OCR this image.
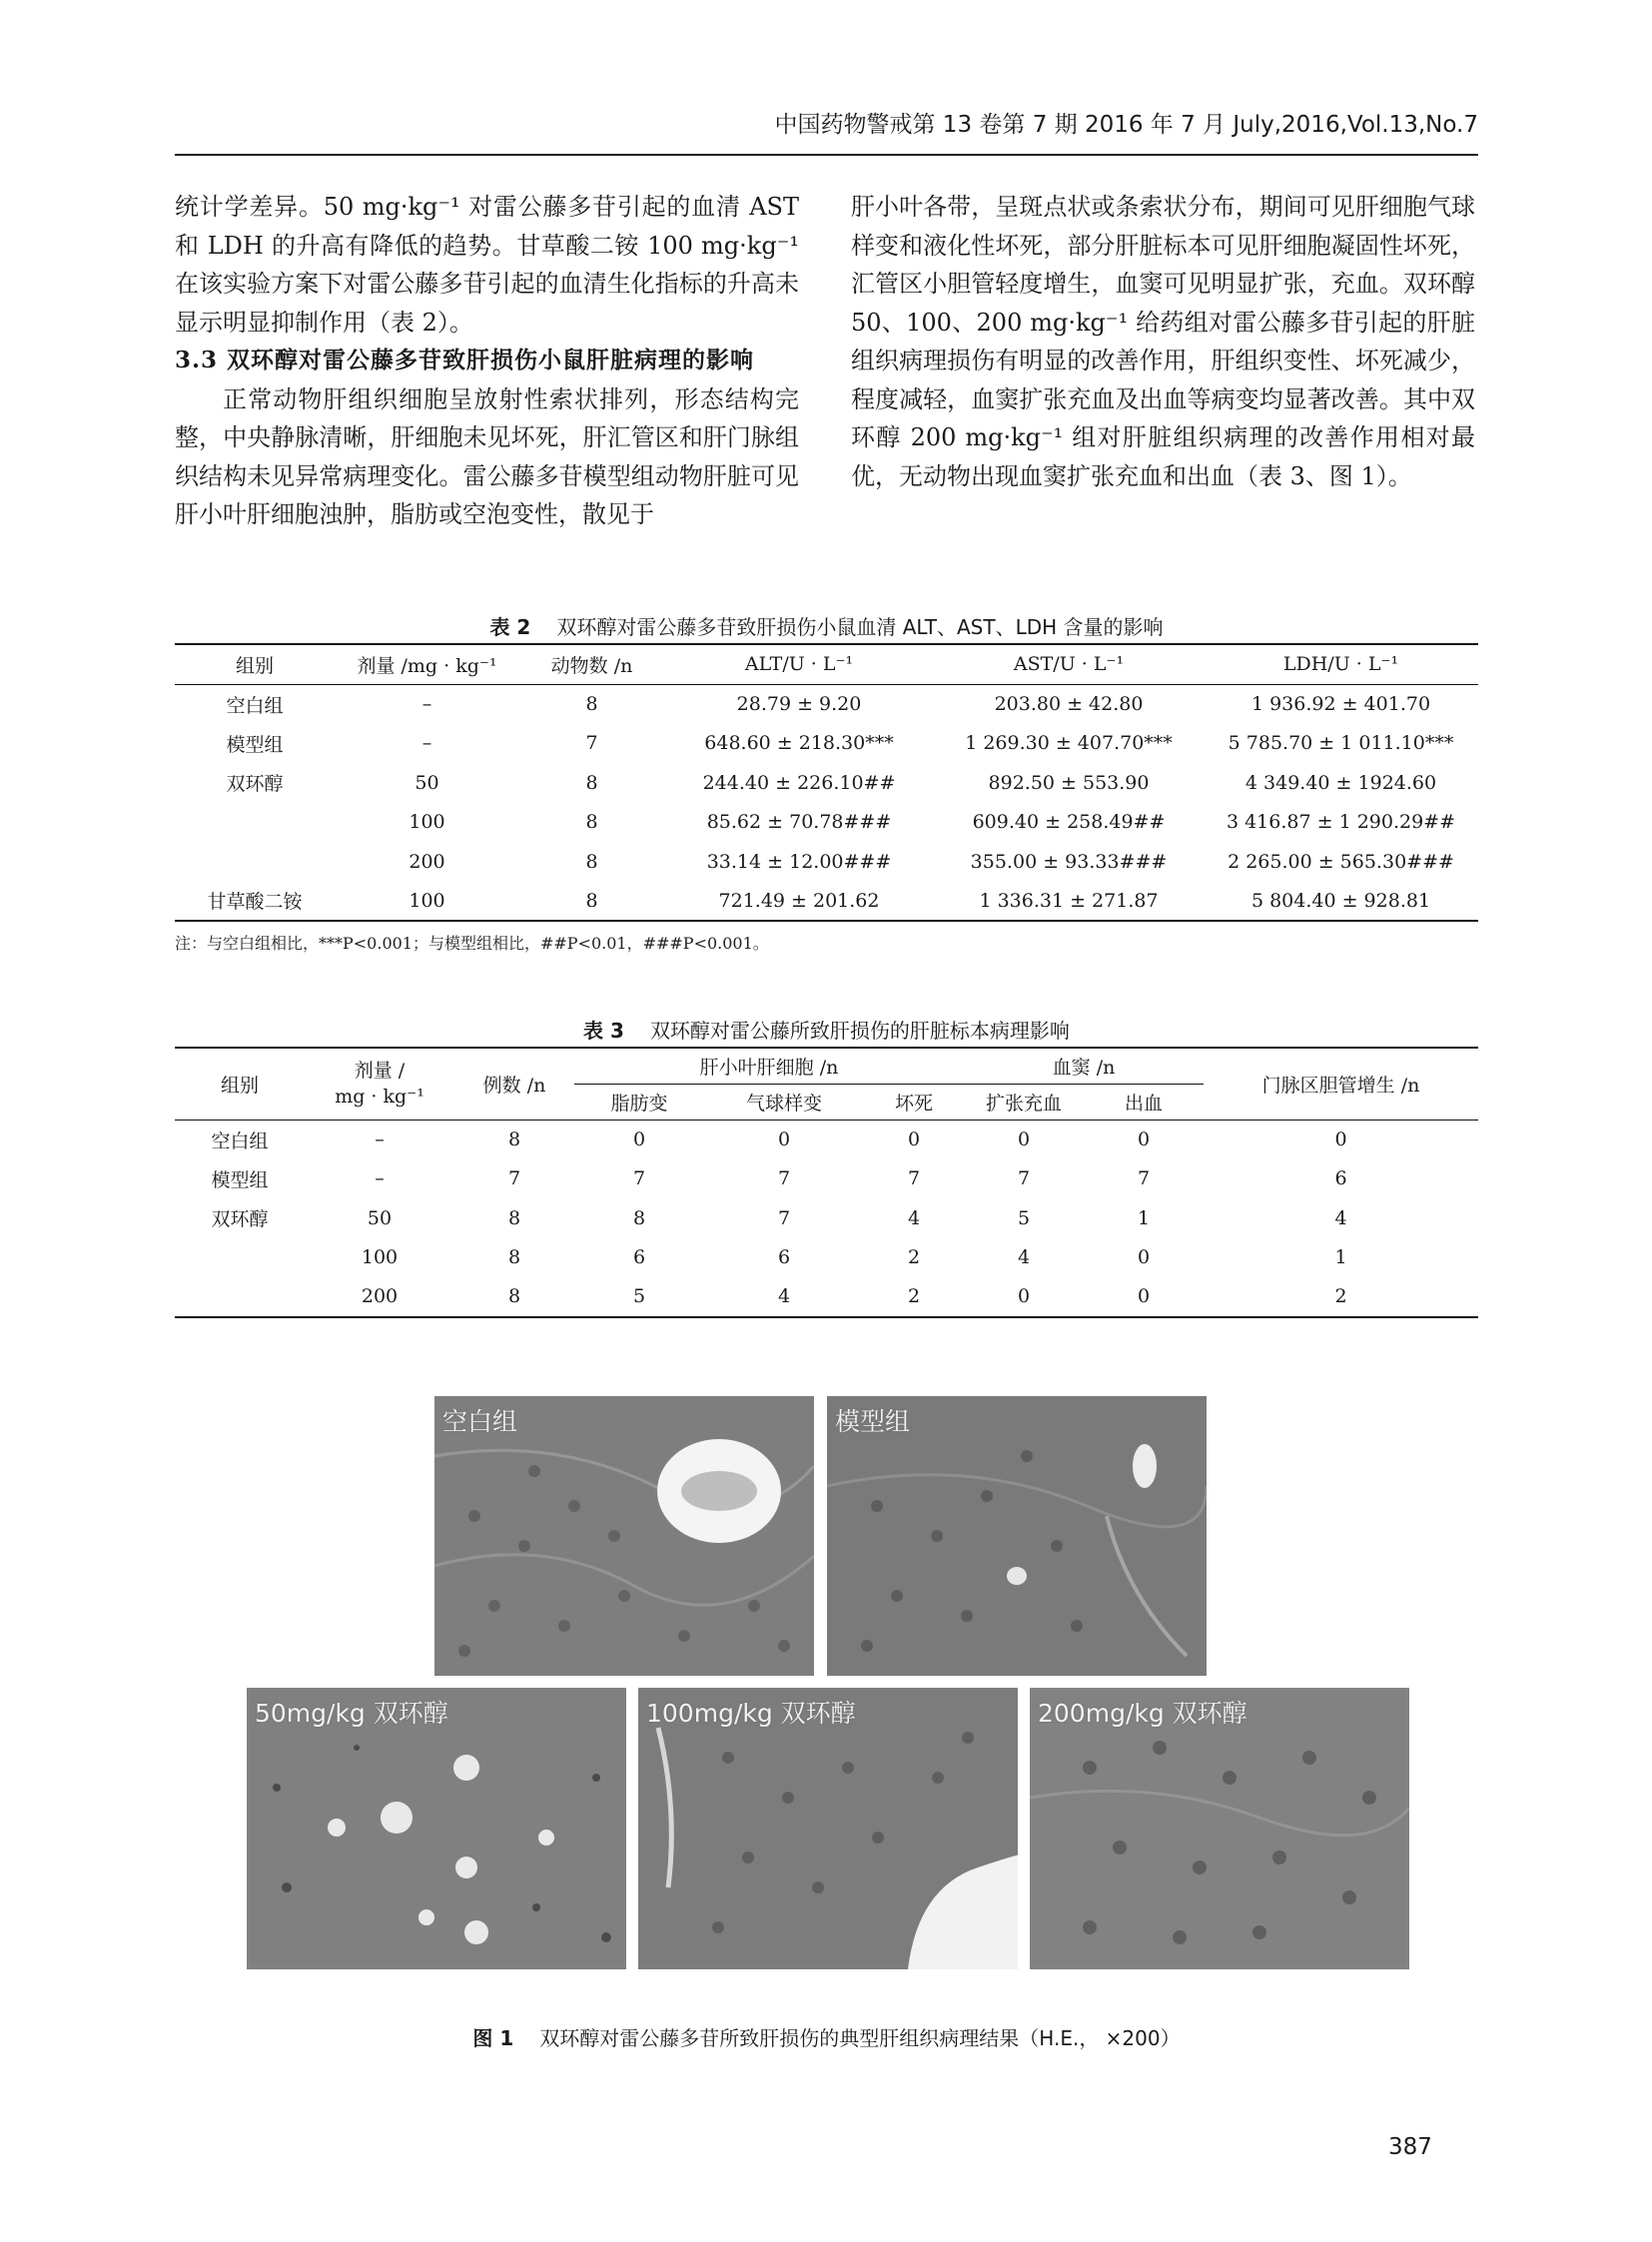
中国药物警戒第 13 卷第 7 期 2016 年 7 月 July,2016,Vol.13,No.7

统计学差异。50 mg·kg⁻¹ 对雷公藤多苷引起的血清 AST 和 LDH 的升高有降低的趋势。甘草酸二铵 100 mg·kg⁻¹ 在该实验方案下对雷公藤多苷引起的血清生化指标的升高未显示明显抑制作用（表 2）。

3.3 双环醇对雷公藤多苷致肝损伤小鼠肝脏病理的影响

正常动物肝组织细胞呈放射性索状排列，形态结构完整，中央静脉清晰，肝细胞未见坏死，肝汇管区和肝门脉组织结构未见异常病理变化。雷公藤多苷模型组动物肝脏可见肝小叶肝细胞浊肿，脂肪或空泡变性，散见于

肝小叶各带，呈斑点状或条索状分布，期间可见肝细胞气球样变和液化性坏死，部分肝脏标本可见肝细胞凝固性坏死，汇管区小胆管轻度增生，血窦可见明显扩张，充血。双环醇 50、100、200 mg·kg⁻¹ 给药组对雷公藤多苷引起的肝脏组织病理损伤有明显的改善作用，肝组织变性、坏死减少，程度减轻，血窦扩张充血及出血等病变均显著改善。其中双环醇 200 mg·kg⁻¹ 组对肝脏组织病理的改善作用相对最优，无动物出现血窦扩张充血和出血（表 3、图 1）。

表 2 双环醇对雷公藤多苷致肝损伤小鼠血清 ALT、AST、LDH 含量的影响
组别	剂量 /mg · kg⁻¹	动物数 /n	ALT/U · L⁻¹	AST/U · L⁻¹	LDH/U · L⁻¹
空白组	–	8	28.79 ± 9.20	203.80 ± 42.80	1 936.92 ± 401.70
模型组	–	7	648.60 ± 218.30***	1 269.30 ± 407.70***	5 785.70 ± 1 011.10***
双环醇	50	8	244.40 ± 226.10##	892.50 ± 553.90	4 349.40 ± 1924.60
	100	8	85.62 ± 70.78###	609.40 ± 258.49##	3 416.87 ± 1 290.29##
	200	8	33.14 ± 12.00###	355.00 ± 93.33###	2 265.00 ± 565.30###
甘草酸二铵	100	8	721.49 ± 201.62	1 336.31 ± 271.87	5 804.40 ± 928.81
注：与空白组相比，***P<0.001；与模型组相比，##P<0.01，###P<0.001。
表 3 双环醇对雷公藤所致肝损伤的肝脏标本病理影响
组别	剂量 /
mg · kg⁻¹	例数 /n	肝小叶肝细胞 /n			血窦 /n		门脉区胆管增生 /n
			脂肪变	气球样变	坏死	扩张充血	出血	
空白组	–	8	0	0	0	0	0	0
模型组	–	7	7	7	7	7	7	6
双环醇	50	8	8	7	4	5	1	4
	100	8	6	6	2	4	0	1
	200	8	5	4	2	0	0	2
空白组	模型组
50mg/kg 双环醇	100mg/kg 双环醇	200mg/kg 双环醇
图 1 双环醇对雷公藤多苷所致肝损伤的典型肝组织病理结果（H.E.， ×200）
387
